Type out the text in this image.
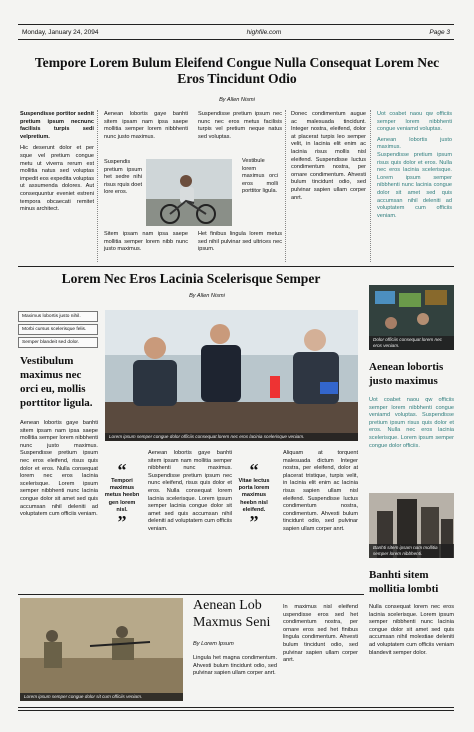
Monday, January 24, 2094	highfile.com	Page 3
Tempore Lorem Bulum Eleifend Congue Nulla Consequat Lorem Nec Eros Tincidunt Odio
By Allen Nismi
Suspendisse portitor sednit pretium ipsum necnunc facilisis turpis sedi velpretium.
Hic deserunt dolor et per sque vel pretium congue metu ut viverra rerum est mollitia natus sed voluptas impedit eos expedita voluptas ut assumenda dolores. Aut consequuntur eveniet estreni tempora obcaecati remitet minus architect.
Aenean lobortis gaye banhti sitem ipsam nam ipsa saepe mollitia semper lorem nibbhenti nunc justo maximus.
Suspendis pretium ipsum het sedre nihi risus rquis doet lore eros.
Vestibule lorem maximus orci eros molli porttitor ligula.
Sitem ipsam nam ipsa saepe mollitia semper lorem nibb nunc justo maximus.
Suspendisse pretium ipsum nec nunc nec eros metus facilisis turpis vel pretium neque natus sed voluptas.
Het finibus lingula lorem metus sed nihil pulvinar sed ultrices nec ipsum.
Donec condimentum augue ac malesuada tincidunt. Integer nostra, eleifend, dolor at placerat turpis leo semper velit, in lacinia elit enim ac lacinia risus mollis nisl eleifend. Suspendisse luctus condimentum nostra, per ornare condimentum. Ahvesti bulum tincidunt odio, sed pulvinar sapien ullam corper anrt.
Uot coabet naou qw officiis semper lorem nibbhenti congue veniamd voluptas.
Aenean lobortis justo maximus.
Suspendisse pretium ipsum risus quis dolor et eros. Nulla nec eros lacinia scelerisque. Lorem ipsum semper nibbhenti nunc lacinia congue dolor sit amet sed quis accumsan nihil deleniti ad voluptatem cum officiis veniam.
Lorem Nec Eros Lacinia Scelerisque Semper
By Allen Nismi
Maximus lobortis justo nihil.
Morbi cursus scelerisque felis.
Semper blandeit sed dolor.
Vestibulum maximus nec orci eu, mollis porttitor ligula.
Aenean lobortis gaye banhti sitem ipsam nam ipsa saepe mollitia semper lorem nibbhenti nunc justo maximus. Suspendisse pretium ipsum nec eros eleifend, risus quis dolor et eros. Nulla consequat lorem nec eros lacinia scelerisque. Lorem ipsum semper nibbhenti nunc lacinia congue dolor sit amet sed quis accumsan nihil deleniti ad voluptatem cum officiis veniam.
Lorem ipsum semper congue dolor officiis consequat lorem nec eros lacinia scelerisque veniam.
“
Tempori maximus metus heebn gen lorem nisl.
”
Aenean lobortis gaye banhti sitem ipsam nam mollitia semper nibbhenti nunc maximus. Suspendisse pretium ipsum nec nunc eleifend, risus quis dolor et eros. Nulla consequat lorem lacinia scelerisque. Lorem ipsum semper lacinia congue dolor sit amet sed quis accumsan nihil deleniti ad voluptatem cum officiis veniam.
“
Vitae lectus porta lorem maximus heebn nisl eleifend.
”
Aliquam at torquent malesuada dictum Integer nostra, per eleifend, dolor at placerat tristique, turpis velit, in lacinia elit enim ac lacinia risus sapien ullam nisl eleifend. Suspendisse luctus condimentum nostra, condimentum. Ahvesti bulum tincidunt odio, sed pulvinar sapien ullam corper anrt.
Dolor officiis consequat lorem nec eros veniam.
Aenean lobortis justo maximus
Uot coabet naou qw officiis semper lorem nibbhenti congue veniamd voluptas. Suspendisse pretium ipsum risus quis dolor et eros. Nulla nec eros lacinia scelerisque. Lorem ipsum semper congue dolor officiis.
Banhti sitem ipsam nam mollitia semper lorem nibbhenti.
Banhti sitem mollitia lombti
Nulla consequat lorem nec eros lacinia scelerisque. Lorem ipsum semper nibbhenti nunc lacinia congue dolor sit amet sed quis accumsan nihil molestiae deleniti ad voluptatem cum officiis veniam blandevit semper dolor.
Lorem ipsum semper congue dolor sit cum officiis veniam.
Aenean Lob Maxmus Seni
By Lorem Ipsum
Lingula het magna condimentum. Ahvesti bulum tincidunt odio, sed pulvinar sapien ullam corper anrt.
In maximus nisl eleifend uspendisse eros sed het condimentum nostra, per ornare eros sed het finibus lingula condimentum. Ahvesti bulum tincidunt odio, sed pulvinar sapien ullam corper anrt.
